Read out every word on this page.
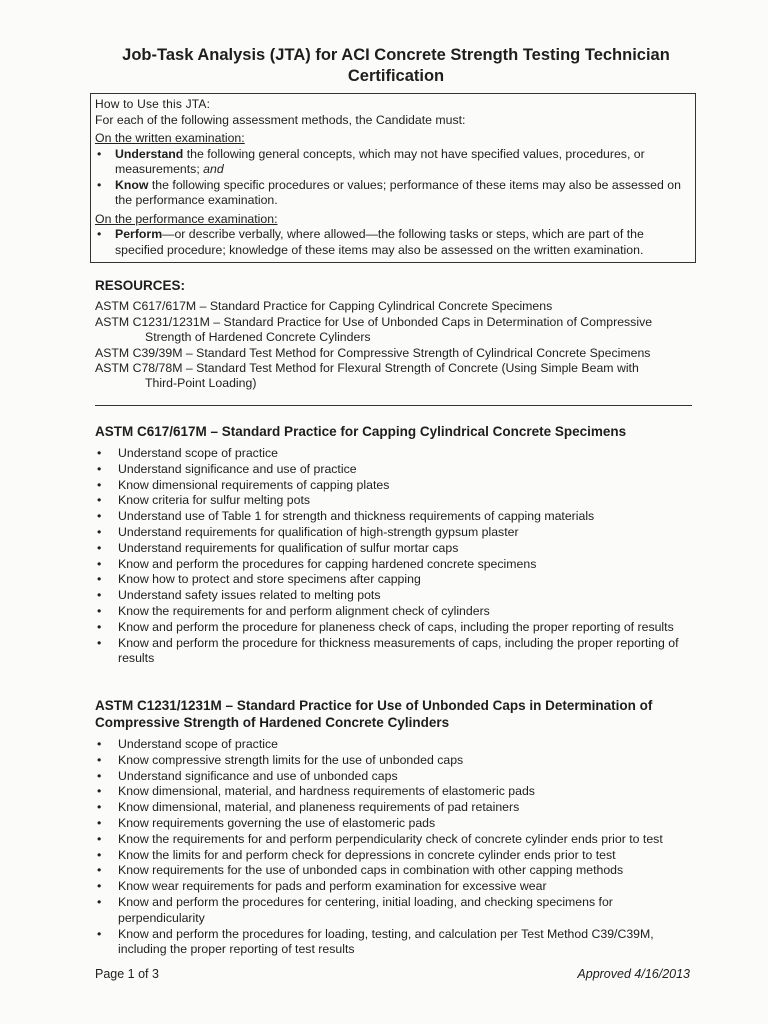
Job-Task Analysis (JTA) for ACI Concrete Strength Testing Technician Certification
How to Use this JTA:
For each of the following assessment methods, the Candidate must:
On the written examination:
• Understand the following general concepts, which may not have specified values, procedures, or measurements; and
• Know the following specific procedures or values; performance of these items may also be assessed on the performance examination.
On the performance examination:
• Perform—or describe verbally, where allowed—the following tasks or steps, which are part of the specified procedure; knowledge of these items may also be assessed on the written examination.
RESOURCES:
ASTM C617/617M – Standard Practice for Capping Cylindrical Concrete Specimens
ASTM C1231/1231M – Standard Practice for Use of Unbonded Caps in Determination of Compressive
Strength of Hardened Concrete Cylinders
ASTM C39/39M – Standard Test Method for Compressive Strength of Cylindrical Concrete Specimens
ASTM C78/78M – Standard Test Method for Flexural Strength of Concrete (Using Simple Beam with
Third-Point Loading)
ASTM C617/617M – Standard Practice for Capping Cylindrical Concrete Specimens
• Understand scope of practice
• Understand significance and use of practice
• Know dimensional requirements of capping plates
• Know criteria for sulfur melting pots
• Understand use of Table 1 for strength and thickness requirements of capping materials
• Understand requirements for qualification of high-strength gypsum plaster
• Understand requirements for qualification of sulfur mortar caps
• Know and perform the procedures for capping hardened concrete specimens
• Know how to protect and store specimens after capping
• Understand safety issues related to melting pots
• Know the requirements for and perform alignment check of cylinders
• Know and perform the procedure for planeness check of caps, including the proper reporting of results
• Know and perform the procedure for thickness measurements of caps, including the proper reporting of results
ASTM C1231/1231M – Standard Practice for Use of Unbonded Caps in Determination of Compressive Strength of Hardened Concrete Cylinders
• Understand scope of practice
• Know compressive strength limits for the use of unbonded caps
• Understand significance and use of unbonded caps
• Know dimensional, material, and hardness requirements of elastomeric pads
• Know dimensional, material, and planeness requirements of pad retainers
• Know requirements governing the use of elastomeric pads
• Know the requirements for and perform perpendicularity check of concrete cylinder ends prior to test
• Know the limits for and perform check for depressions in concrete cylinder ends prior to test
• Know requirements for the use of unbonded caps in combination with other capping methods
• Know wear requirements for pads and perform examination for excessive wear
• Know and perform the procedures for centering, initial loading, and checking specimens for perpendicularity
• Know and perform the procedures for loading, testing, and calculation per Test Method C39/C39M, including the proper reporting of test results
Page 1 of 3	Approved 4/16/2013
